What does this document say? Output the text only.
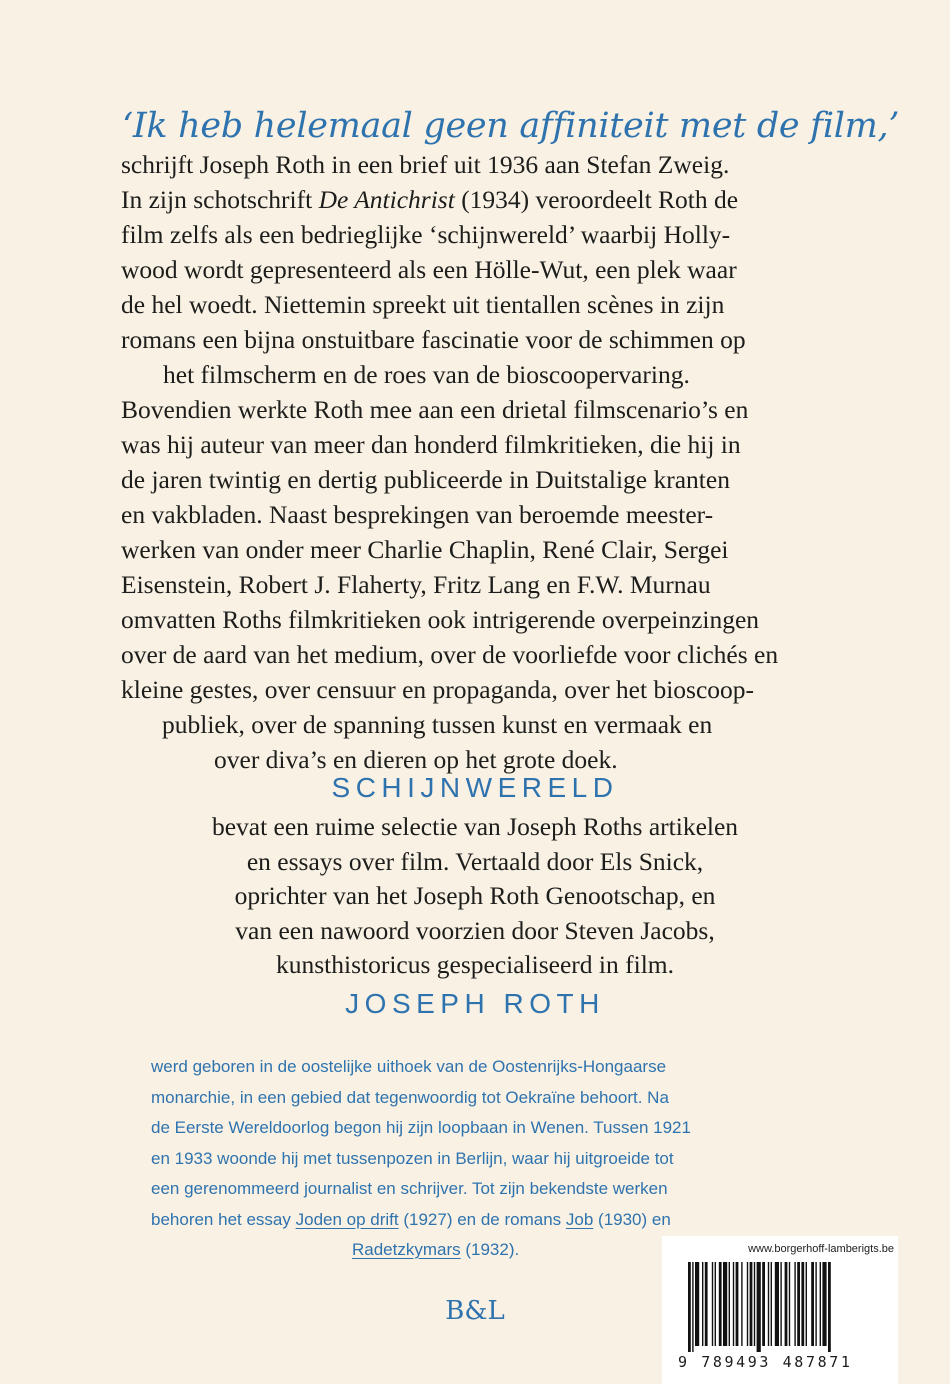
‘Ik heb helemaal geen affiniteit met de film,’
schrijft Joseph Roth in een brief uit 1936 aan Stefan Zweig.
In zijn schotschrift De Antichrist (1934) veroordeelt Roth de
film zelfs als een bedrieglijke ‘schijnwereld’ waarbij Holly-
wood wordt gepresenteerd als een Hölle-Wut, een plek waar
de hel woedt. Niettemin spreekt uit tientallen scènes in zijn
romans een bijna onstuitbare fascinatie voor de schimmen op
het filmscherm en de roes van de bioscoopervaring.
Bovendien werkte Roth mee aan een drietal filmscenario’s en
was hij auteur van meer dan honderd filmkritieken, die hij in
de jaren twintig en dertig publiceerde in Duitstalige kranten
en vakbladen. Naast besprekingen van beroemde meester-
werken van onder meer Charlie Chaplin, René Clair, Sergei
Eisenstein, Robert J. Flaherty, Fritz Lang en F.W. Murnau
omvatten Roths filmkritieken ook intrigerende overpeinzingen
over de aard van het medium, over de voorliefde voor clichés en
kleine gestes, over censuur en propaganda, over het bioscoop-
publiek, over de spanning tussen kunst en vermaak en
over diva’s en dieren op het grote doek.
SCHIJNWERELD
bevat een ruime selectie van Joseph Roths artikelen
en essays over film. Vertaald door Els Snick,
oprichter van het Joseph Roth Genootschap, en
van een nawoord voorzien door Steven Jacobs,
kunsthistoricus gespecialiseerd in film.
JOSEPH ROTH
werd geboren in de oostelijke uithoek van de Oostenrijks-Hongaarse
monarchie, in een gebied dat tegenwoordig tot Oekraïne behoort. Na
de Eerste Wereldoorlog begon hij zijn loopbaan in Wenen. Tussen 1921
en 1933 woonde hij met tussenpozen in Berlijn, waar hij uitgroeide tot
een gerenommeerd journalist en schrijver. Tot zijn bekendste werken
behoren het essay Joden op drift (1927) en de romans Job (1930) en
Radetzkymars (1932).
B&L
www.borgerhoff-lamberigts.be
9 789493 487871
